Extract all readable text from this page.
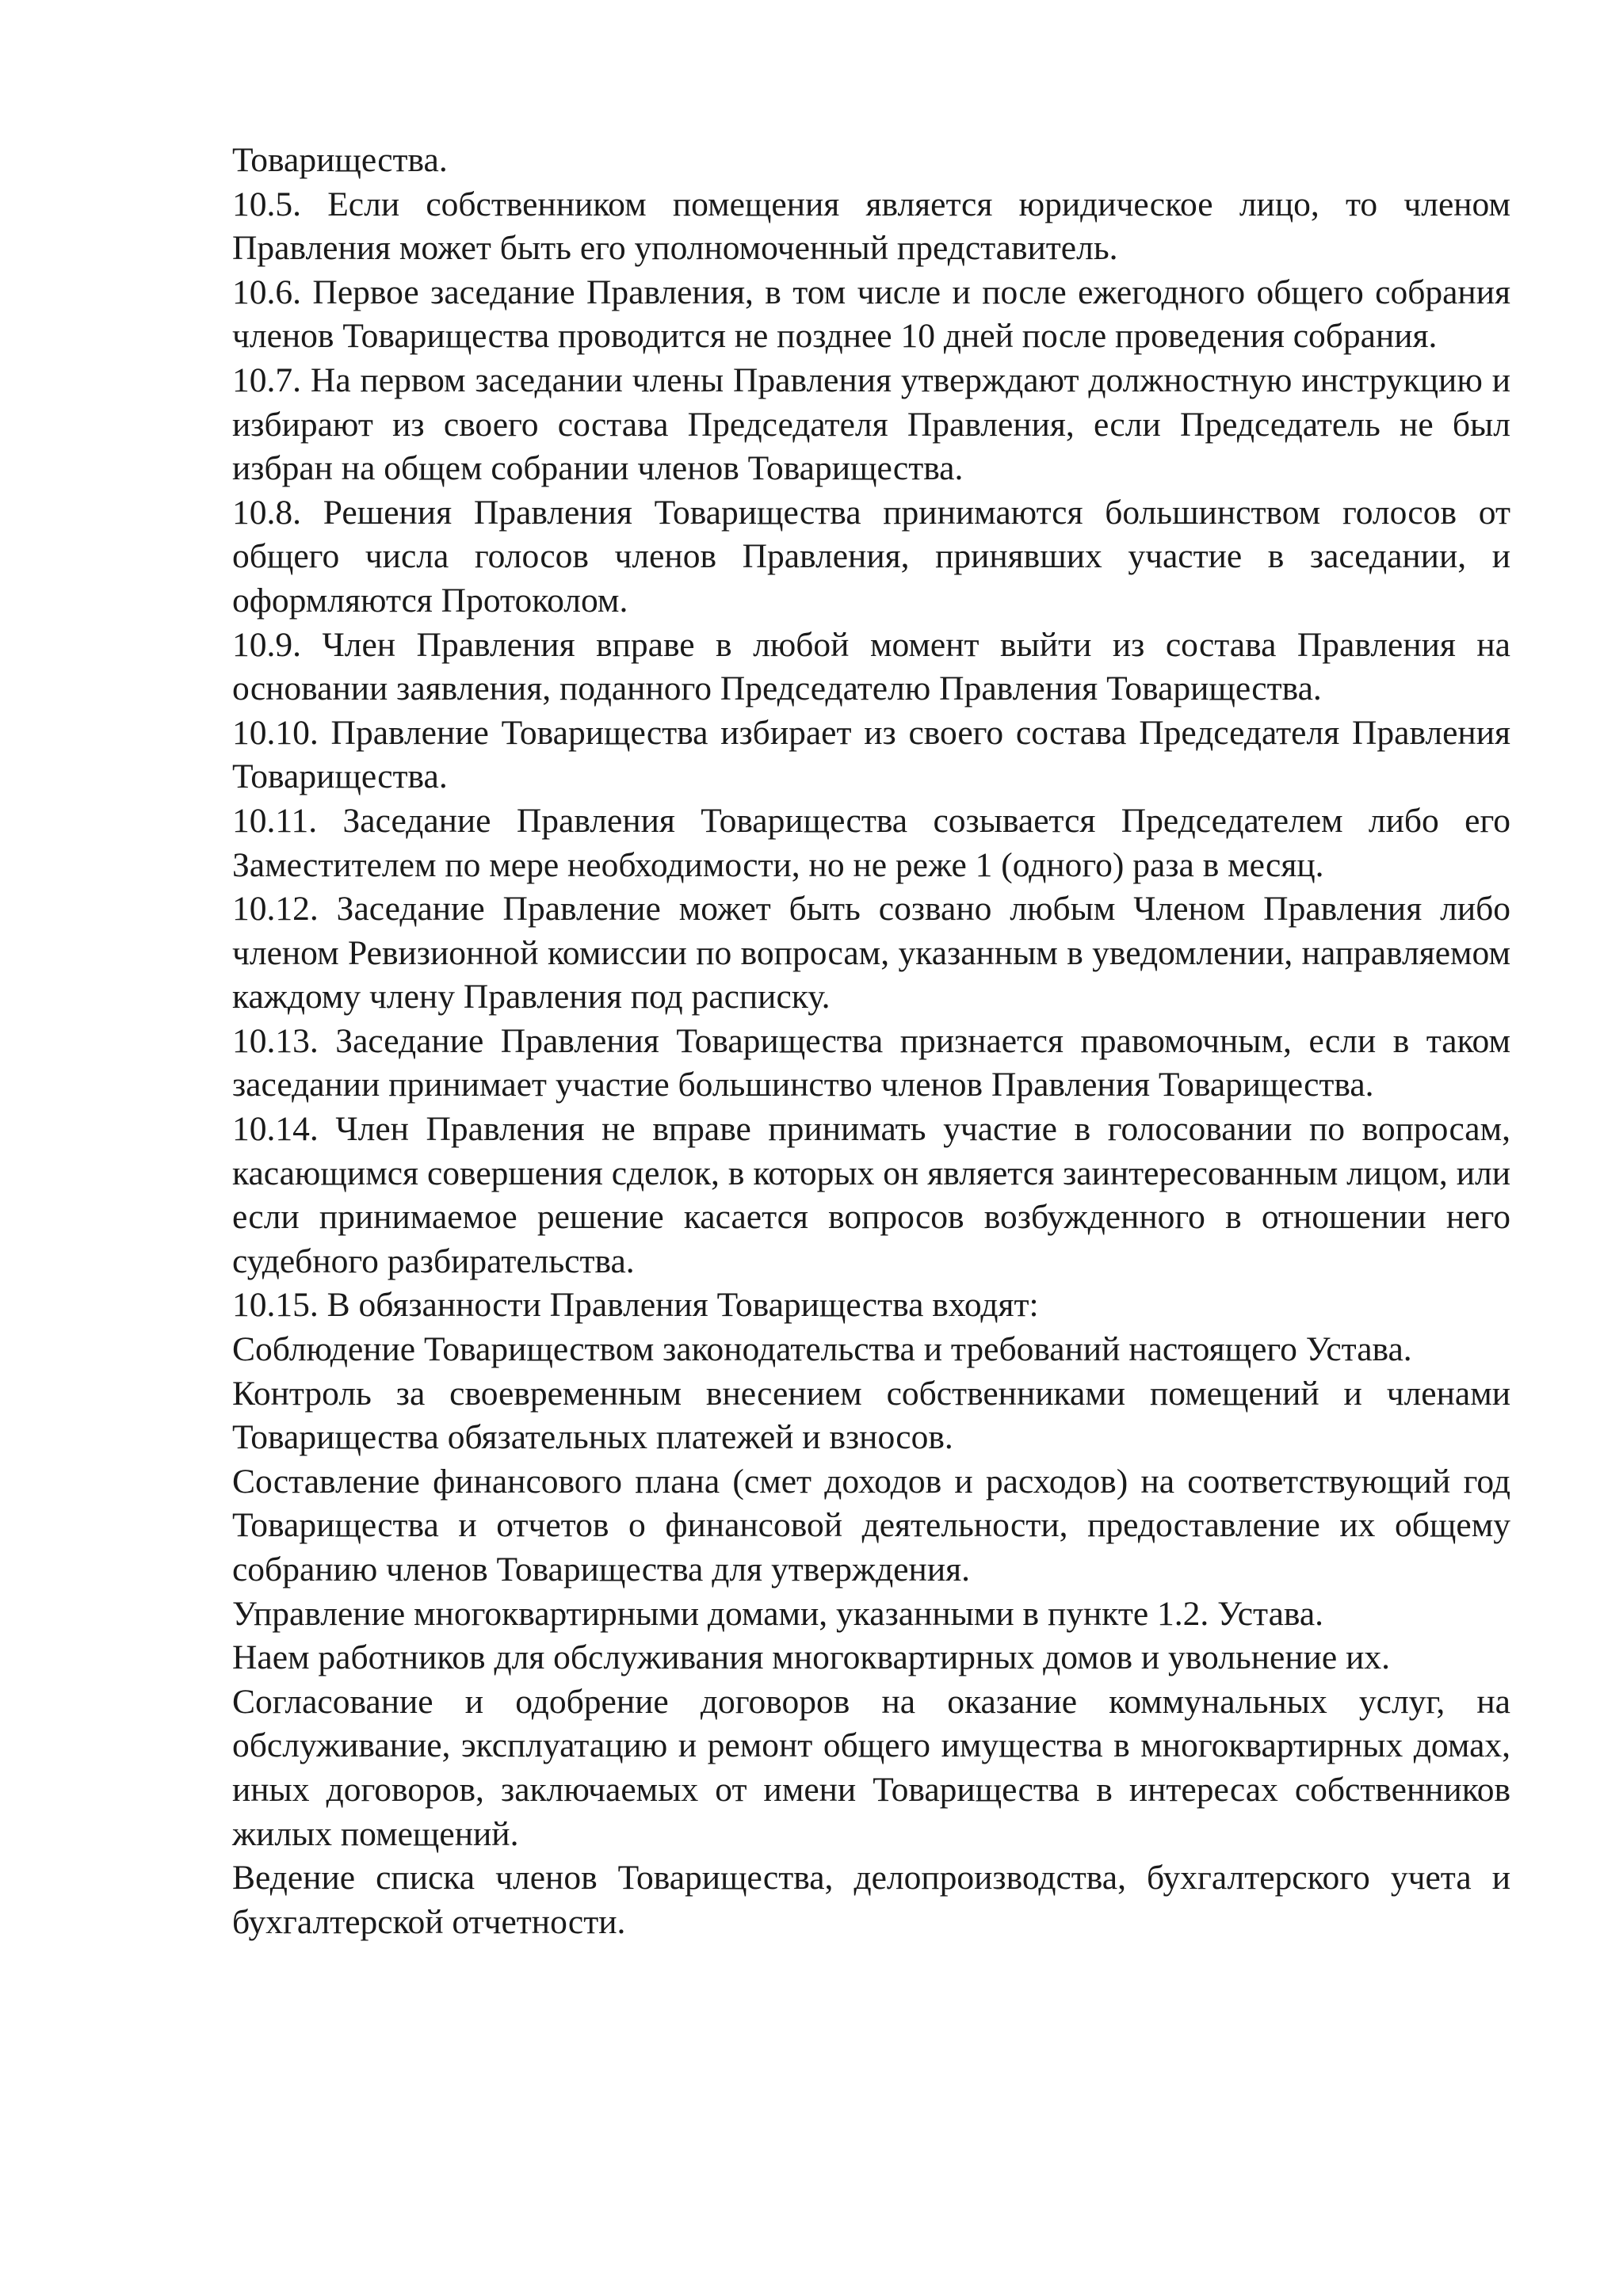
Товарищества.

10.5. Если собственником помещения является юридическое лицо, то членом Правления может быть его уполномоченный представитель.

10.6. Первое заседание Правления, в том числе и после ежегодного общего собрания членов Товарищества проводится не позднее 10 дней после проведения собрания.

10.7. На первом заседании члены Правления утверждают должностную инструкцию и избирают из своего состава Председателя Правления, если Председатель не был избран на общем собрании членов Товарищества.

10.8. Решения Правления Товарищества принимаются большинством голосов от общего числа голосов членов Правления, принявших участие в заседании, и оформляются Протоколом.

10.9. Член Правления вправе в любой момент выйти из состава Правления на основании заявления, поданного Председателю Правления Товарищества.

10.10. Правление Товарищества избирает из своего состава Председателя Правления Товарищества.

10.11. Заседание Правления Товарищества созывается Председателем либо его Заместителем по мере необходимости, но не реже 1 (одного) раза в месяц.

10.12. Заседание Правление может быть созвано любым Членом Правления либо членом Ревизионной комиссии по вопросам, указанным в уведомлении, направляемом каждому члену Правления под расписку.

10.13. Заседание Правления Товарищества признается правомочным, если в таком заседании принимает участие большинство членов Правления Товарищества.

10.14. Член Правления не вправе принимать участие в голосовании по вопросам, касающимся совершения сделок, в которых он является заинтересованным лицом, или если принимаемое решение касается вопросов возбужденного в отношении него судебного разбирательства.

10.15. В обязанности Правления Товарищества входят:

Соблюдение Товариществом законодательства и требований настоящего Устава.

Контроль за своевременным внесением собственниками помещений и членами Товарищества обязательных платежей и взносов.

Составление финансового плана (смет доходов и расходов) на соответствующий год Товарищества и отчетов о финансовой деятельности, предоставление их общему собранию членов Товарищества для утверждения.

Управление многоквартирными домами, указанными в пункте 1.2. Устава.

Наем работников для обслуживания многоквартирных домов и увольнение их.

Согласование и одобрение договоров на оказание коммунальных услуг, на обслуживание, эксплуатацию и ремонт общего имущества в многоквартирных домах, иных договоров, заключаемых от имени Товарищества в интересах собственников жилых помещений.

Ведение списка членов Товарищества, делопроизводства, бухгалтерского учета и бухгалтерской отчетности.
